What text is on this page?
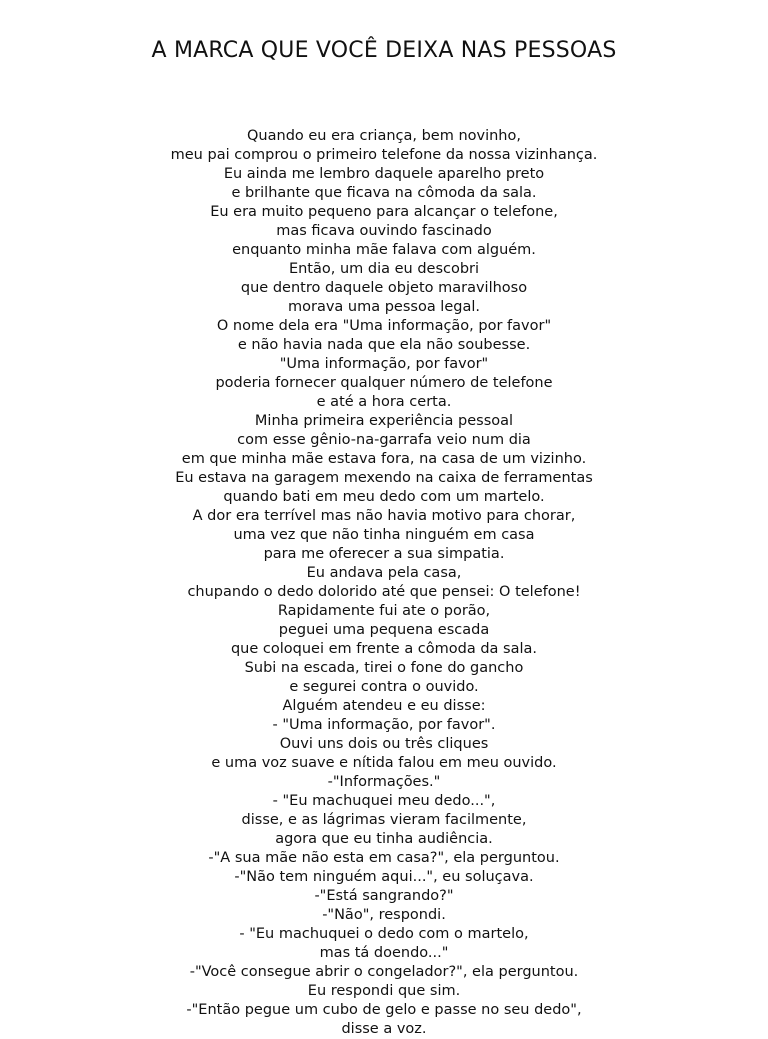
A MARCA QUE VOCÊ DEIXA NAS PESSOAS
Quando eu era criança, bem novinho,
meu pai comprou o primeiro telefone da nossa vizinhança.
Eu ainda me lembro daquele aparelho preto
e brilhante que ficava na cômoda da sala.
Eu era muito pequeno para alcançar o telefone,
mas ficava ouvindo fascinado
enquanto minha mãe falava com alguém.
Então, um dia eu descobri
que dentro daquele objeto maravilhoso
morava uma pessoa legal.
O nome dela era "Uma informação, por favor"
e não havia nada que ela não soubesse.
"Uma informação, por favor"
poderia fornecer qualquer número de telefone
e até a hora certa.
Minha primeira experiência pessoal
com esse gênio-na-garrafa veio num dia
em que minha mãe estava fora, na casa de um vizinho.
Eu estava na garagem mexendo na caixa de ferramentas
quando bati em meu dedo com um martelo.
A dor era terrível mas não havia motivo para chorar,
uma vez que não tinha ninguém em casa
para me oferecer a sua simpatia.
Eu andava pela casa,
chupando o dedo dolorido até que pensei: O telefone!
Rapidamente fui ate o porão,
peguei uma pequena escada
que coloquei em frente a cômoda da sala.
Subi na escada, tirei o fone do gancho
e segurei contra o ouvido.
Alguém atendeu e eu disse:
- "Uma informação, por favor".
Ouvi uns dois ou três cliques
e uma voz suave e nítida falou em meu ouvido.
-"Informações."
- "Eu machuquei meu dedo...",
disse, e as lágrimas vieram facilmente,
agora que eu tinha audiência.
-"A sua mãe não esta em casa?", ela perguntou.
-"Não tem ninguém aqui...", eu soluçava.
-"Está sangrando?"
-"Não", respondi.
- "Eu machuquei o dedo com o martelo,
mas tá doendo..."
-"Você consegue abrir o congelador?", ela perguntou.
Eu respondi que sim.
-"Então pegue um cubo de gelo e passe no seu dedo",
disse a voz.
